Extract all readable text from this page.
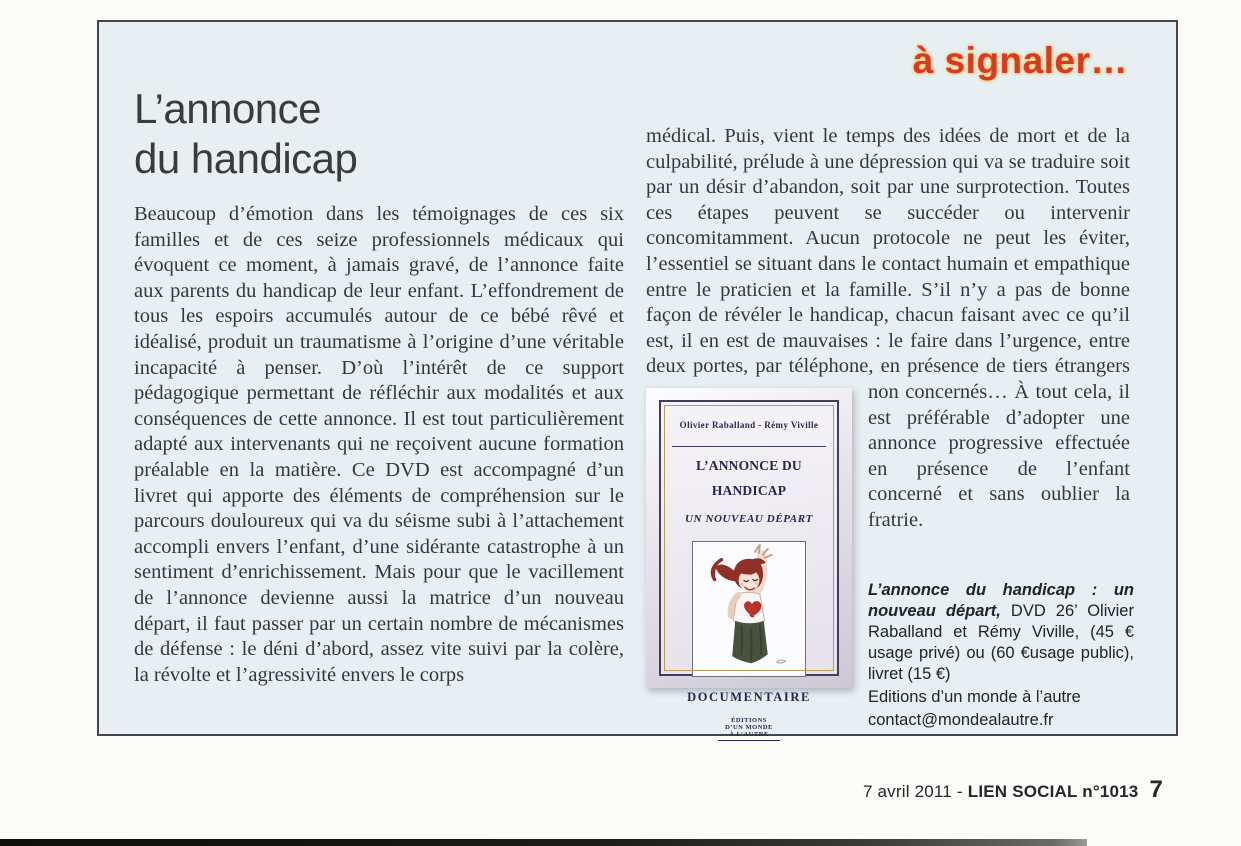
à signaler…
L’annonce
du handicap
Beaucoup d’émotion dans les témoignages de ces six familles et de ces seize professionnels médicaux qui évoquent ce moment, à jamais gravé, de l’annonce faite aux parents du handicap de leur enfant. L’effondrement de tous les espoirs accumulés autour de ce bébé rêvé et idéalisé, produit un traumatisme à l’origine d’une véritable incapacité à penser. D’où l’intérêt de ce support pédagogique permettant de réfléchir aux modalités et aux conséquences de cette annonce. Il est tout particulièrement adapté aux intervenants qui ne reçoivent aucune formation préalable en la matière. Ce DVD est accompagné d’un livret qui apporte des éléments de compréhension sur le parcours douloureux qui va du séisme subi à l’attachement accompli envers l’enfant, d’une sidérante catastrophe à un sentiment d’enrichissement. Mais pour que le vacillement de l’annonce devienne aussi la matrice d’un nouveau départ, il faut passer par un certain nombre de mécanismes de défense : le déni d’abord, assez vite suivi par la colère, la révolte et l’agressivité envers le corps

médical. Puis, vient le temps des idées de mort et de la culpabilité, prélude à une dépression qui va se traduire soit par un désir d’abandon, soit par une surprotection. Toutes ces étapes peuvent se succéder ou intervenir concomitamment. Aucun protocole ne peut les éviter, l’essentiel se situant dans le contact humain et empathique entre le praticien et la famille. S’il n’y a pas de bonne façon de révéler le handicap, chacun faisant avec ce qu’il est, il en est de mauvaises : le faire dans l’urgence, entre deux portes, par téléphone, en présence de tiers étrangers non concernés… À tout
Olivier Raballand - Rémy Viville
L’ANNONCE DU HANDICAP
UN NOUVEAU DÉPART
DOCUMENTAIRE
ÉDITIONS
D’UN MONDE
À L’AUTRE
cela, il est préférable d’adopter une annonce progressive effectuée en présence de l’enfant concerné et sans oublier la fratrie.

L’annonce du handicap : un nouveau départ, DVD 26’ Olivier Raballand et Rémy Viville, (45 € usage privé) ou (60 €usage public), livret (15 €)

Editions d’un monde à l’autre

contact@mondealautre.fr

7 avril 2011 - LIEN SOCIAL n°1013 7
